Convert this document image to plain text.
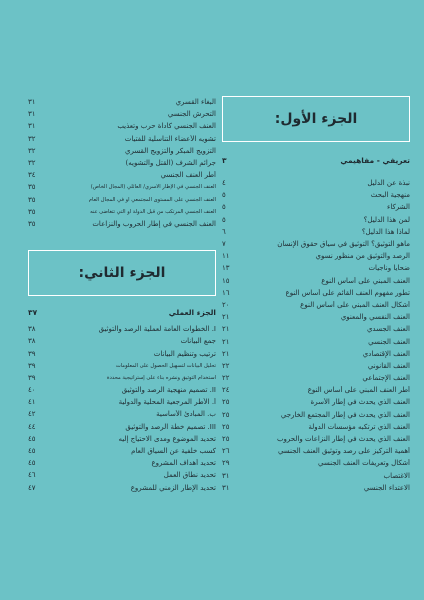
الجزء الأول:
تعريفي - مفاهيمي
٣
نبذة عن الدليل
٤
منهجية البحث
٥
الشركاء
٥
لمن هذا الدليل؟
٥
لماذا هذا الدليل؟
٦
ماهو التوثيق؟ التوثيق في سياق حقوق الإنسان
٧
الرصد والتوثيق من منظور نسوي
١١
ضحايا وناجيات
١٣
العنف المبني على أساس النوع
١٥
تطور مفهوم العنف القائم على أساس النوع
١٦
أشكال العنف المبني على أساس النوع
٢٠
العنف النفسي والمعنوي
٢١
العنف الجسدي
٢١
العنف الجنسي
٢١
العنف الإقتصادي
٢١
العنف القانوني
٢٢
العنف الإجتماعي
٢٢
أطر العنف المبني على أساس النوع
٢٤
العنف الذي يحدث في إطار الأسرة
٢٥
العنف الذي يحدث في إطار المجتمع الخارجي
٢٥
العنف الذي ترتكبه مؤسسات الدولة
٢٥
العنف الذي يحدث في إطار النزاعات والحروب
٢٥
أهمية التركيز على رصد وتوثيق العنف الجنسي
٢٦
أشكال وتعريفات العنف الجنسي
٢٩
الاغتصاب
٣١
الاعتداء الجنسي
٣١
البغاء القسري
٣١
التحرش الجنسي
٣١
العنف الجنسي كأداة حرب وتعذيب
٣١
تشويه الأعضاء التناسلية للفتيات
٣٢
التزويج المبكر والتزويج القسري
٣٢
جرائم الشرف (القتل والتشويه)
٣٢
أطر العنف الجنسي
٣٤
العنف الجنسي في الإطار الأسري/ العائلي (المجال الخاص)
٣٥
العنف الجنسي على المستوى المجتمعي أو في المجال العام
٣٥
العنف الجنسي المرتكب من قبل الدولة أو التي تتغاضى عنه
٣٥
العنف الجنسي في إطار الحروب والنزاعات
٣٥
الجزء الثاني:
الجزء العملي
٣٧
I. الخطوات العامة لعملية الرصد والتوثيق
٣٨
جمع البيانات
٣٨
ترتيب وتنظيم البيانات
٣٩
تحليل البيانات لتسهيل الحصول على المعلومات
٣٩
استخدام التوثيق ونشره بناء على إستراتيجية محددة
٣٩
II. تصميم منهجية الرصد والتوثيق
٤٠
أ. الأطر المرجعية المحلية والدولية
٤١
ب. المبادئ الأساسية
٤٢
III. تصميم خطة الرصد والتوثيق
٤٤
تحديد الموضوع ومدى الاحتياج إليه
٤٥
كسب خلفية عن السياق العام
٤٥
تحديد أهداف المشروع
٤٥
تحديد نطاق العمل
٤٦
تحديد الإطار الزمني للمشروع
٤٧
